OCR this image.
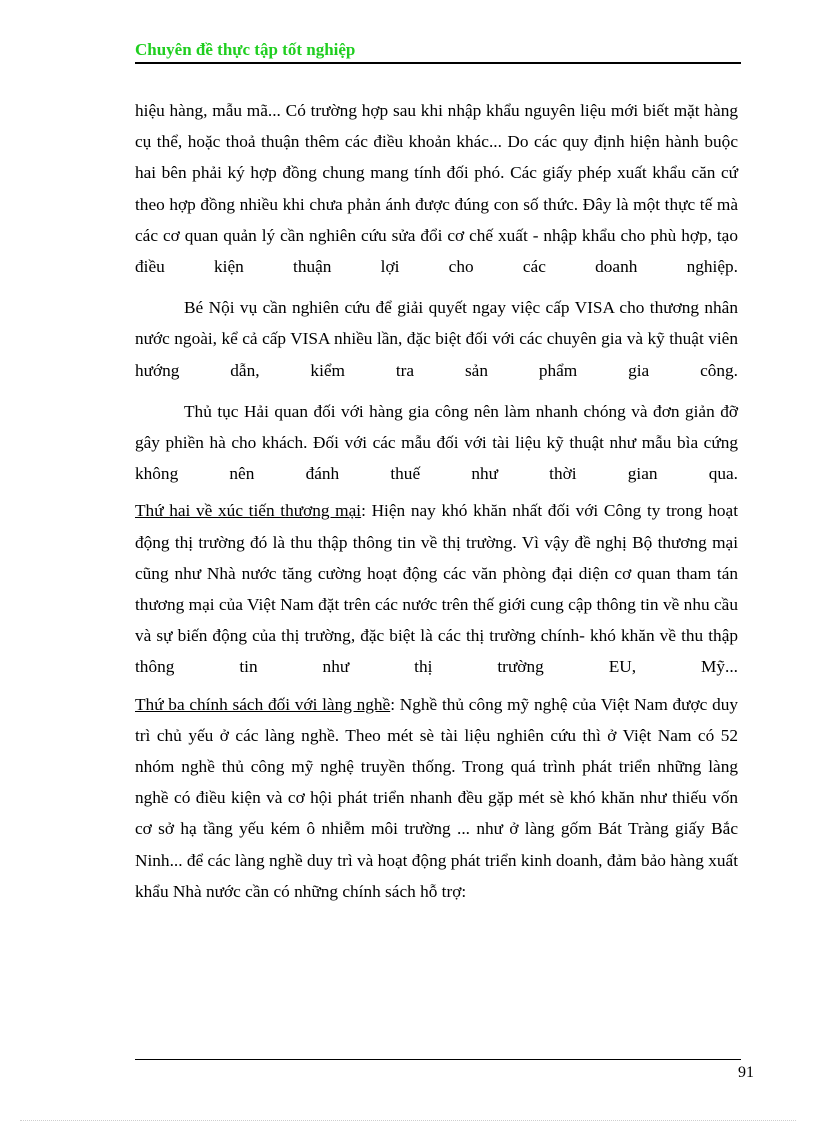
Chuyên đề thực tập tốt nghiệp

hiệu hàng, mẫu mã... Có trường hợp sau khi nhập khẩu nguyên liệu mới biết mặt hàng cụ thể, hoặc thoả thuận thêm các điều khoản khác... Do các quy định hiện hành buộc hai bên phải ký hợp đồng chung mang tính đối phó. Các giấy phép xuất khẩu căn cứ theo hợp đồng nhiều khi chưa phản ánh được đúng con số thức. Đây là một thực tế mà các cơ quan quản lý cần nghiên cứu sửa đổi cơ chế xuất - nhập khẩu cho phù hợp, tạo điều kiện thuận lợi cho các doanh nghiệp.

Bé Nội vụ cần nghiên cứu để giải quyết ngay việc cấp VISA cho thương nhân nước ngoài, kể cả cấp VISA nhiều lần, đặc biệt đối với các chuyên gia và kỹ thuật viên hướng dẫn, kiểm tra sản phẩm gia công.

Thủ tục Hải quan đối với hàng gia công nên làm nhanh chóng và đơn giản đỡ gây phiền hà cho khách. Đối với các mẫu đối với tài liệu kỹ thuật như mẫu bìa cứng không nên đánh thuế như thời gian qua.

Thứ hai về xúc tiến thương mại: Hiện nay khó khăn nhất đối với Công ty trong hoạt động thị trường đó là thu thập thông tin về thị trường. Vì vậy đề nghị Bộ thương mại cũng như Nhà nước tăng cường hoạt động các văn phòng đại diện cơ quan tham tán thương mại của Việt Nam đặt trên các nước trên thế giới cung cập thông tin về nhu cầu và sự biến động của thị trường, đặc biệt là các thị trường chính- khó khăn về thu thập thông tin như thị trường EU, Mỹ...

Thứ ba chính sách đối với làng nghề: Nghề thủ công mỹ nghệ của Việt Nam được duy trì chủ yếu ở các làng nghề. Theo mét sè tài liệu nghiên cứu thì ở Việt Nam có 52 nhóm nghề thủ công mỹ nghệ truyền thống. Trong quá trình phát triển những làng nghề có điều kiện và cơ hội phát triển nhanh đều gặp mét sè khó khăn như thiếu vốn cơ sở hạ tầng yếu kém ô nhiễm môi trường ... như ở làng gốm Bát Tràng giấy Bắc Ninh... để các làng nghề duy trì và hoạt động phát triển kinh doanh, đảm bảo hàng xuất khẩu Nhà nước cần có những chính sách hỗ trợ:

91
